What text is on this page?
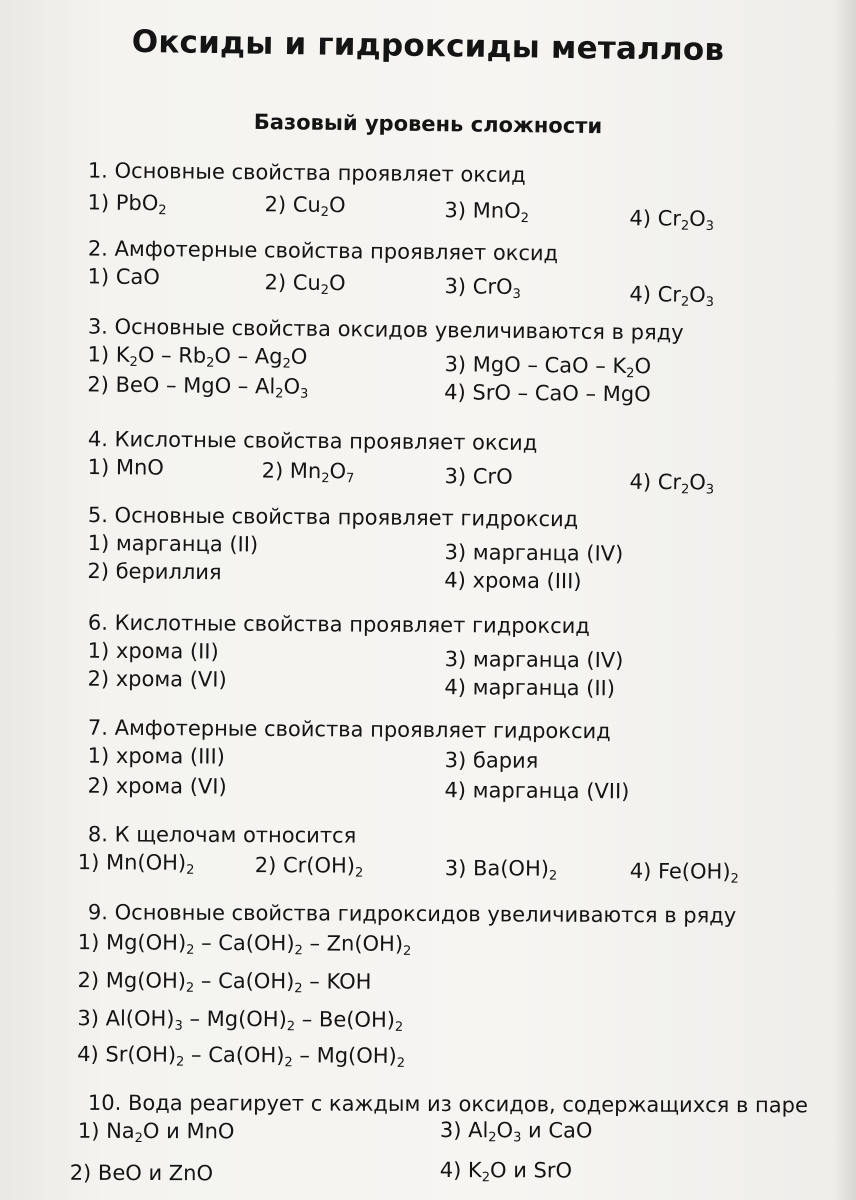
Оксиды и гидроксиды металлов
Базовый уровень сложности
1. Основные свойства проявляет оксид
1) PbO$_2$	2) $Cu_2O$	3) MnO$_2$	4) $Cr_2O_3$
2. Амфотерные свойства проявляет оксид
1) CaO	2) $Cu_2O$	3) CrO$_3$	4) $Cr_2O_3$
3. Основные свойства оксидов увеличиваются в ряду
1) $K_2O - Rb_2O - Ag_2O$
2) BeO – MgO – $Al_2O_3$
3) MgO – CaO – $K_2O$
4) SrO – CaO – MgO
4. Кислотные свойства проявляет оксид
1) MnO	2) $Mn_2O_7$	3) CrO	4) $Cr_2O_3$
5. Основные свойства проявляет гидроксид
1) марганца (II)
2) бериллия
3) марганца (IV)
4) хрома (III)
6. Кислотные свойства проявляет гидроксид
1) хрома (II)
2) хрома (VI)
3) марганца (IV)
4) марганца (II)
7. Амфотерные свойства проявляет гидроксид
1) хрома (III)
2) хрома (VI)
3) бария
4) марганца (VII)
8. К щелочам относится
1) $Mn(OH)_2$	2) $Cr(OH)_2$	3) $Ba(OH)_2$	4) $Fe(OH)_2$
9. Основные свойства гидроксидов увеличиваются в ряду
1) $Mg(OH)_2 - Ca(OH)_2 - Zn(OH)_2$
2) $Mg(OH)_2 - Ca(OH)_2$ – KOH
3) $Al(OH)_3 - Mg(OH)_2 - Be(OH)_2$
4) $Sr(OH)_2 - Ca(OH)_2 - Mg(OH)_2$
10. Вода реагирует с каждым из оксидов, содержащихся в паре
1) $Na_2O$ и MnO
2) BeO и ZnO
3) $Al_2O_3$ и CaO
4) $K_2O$ и SrO
